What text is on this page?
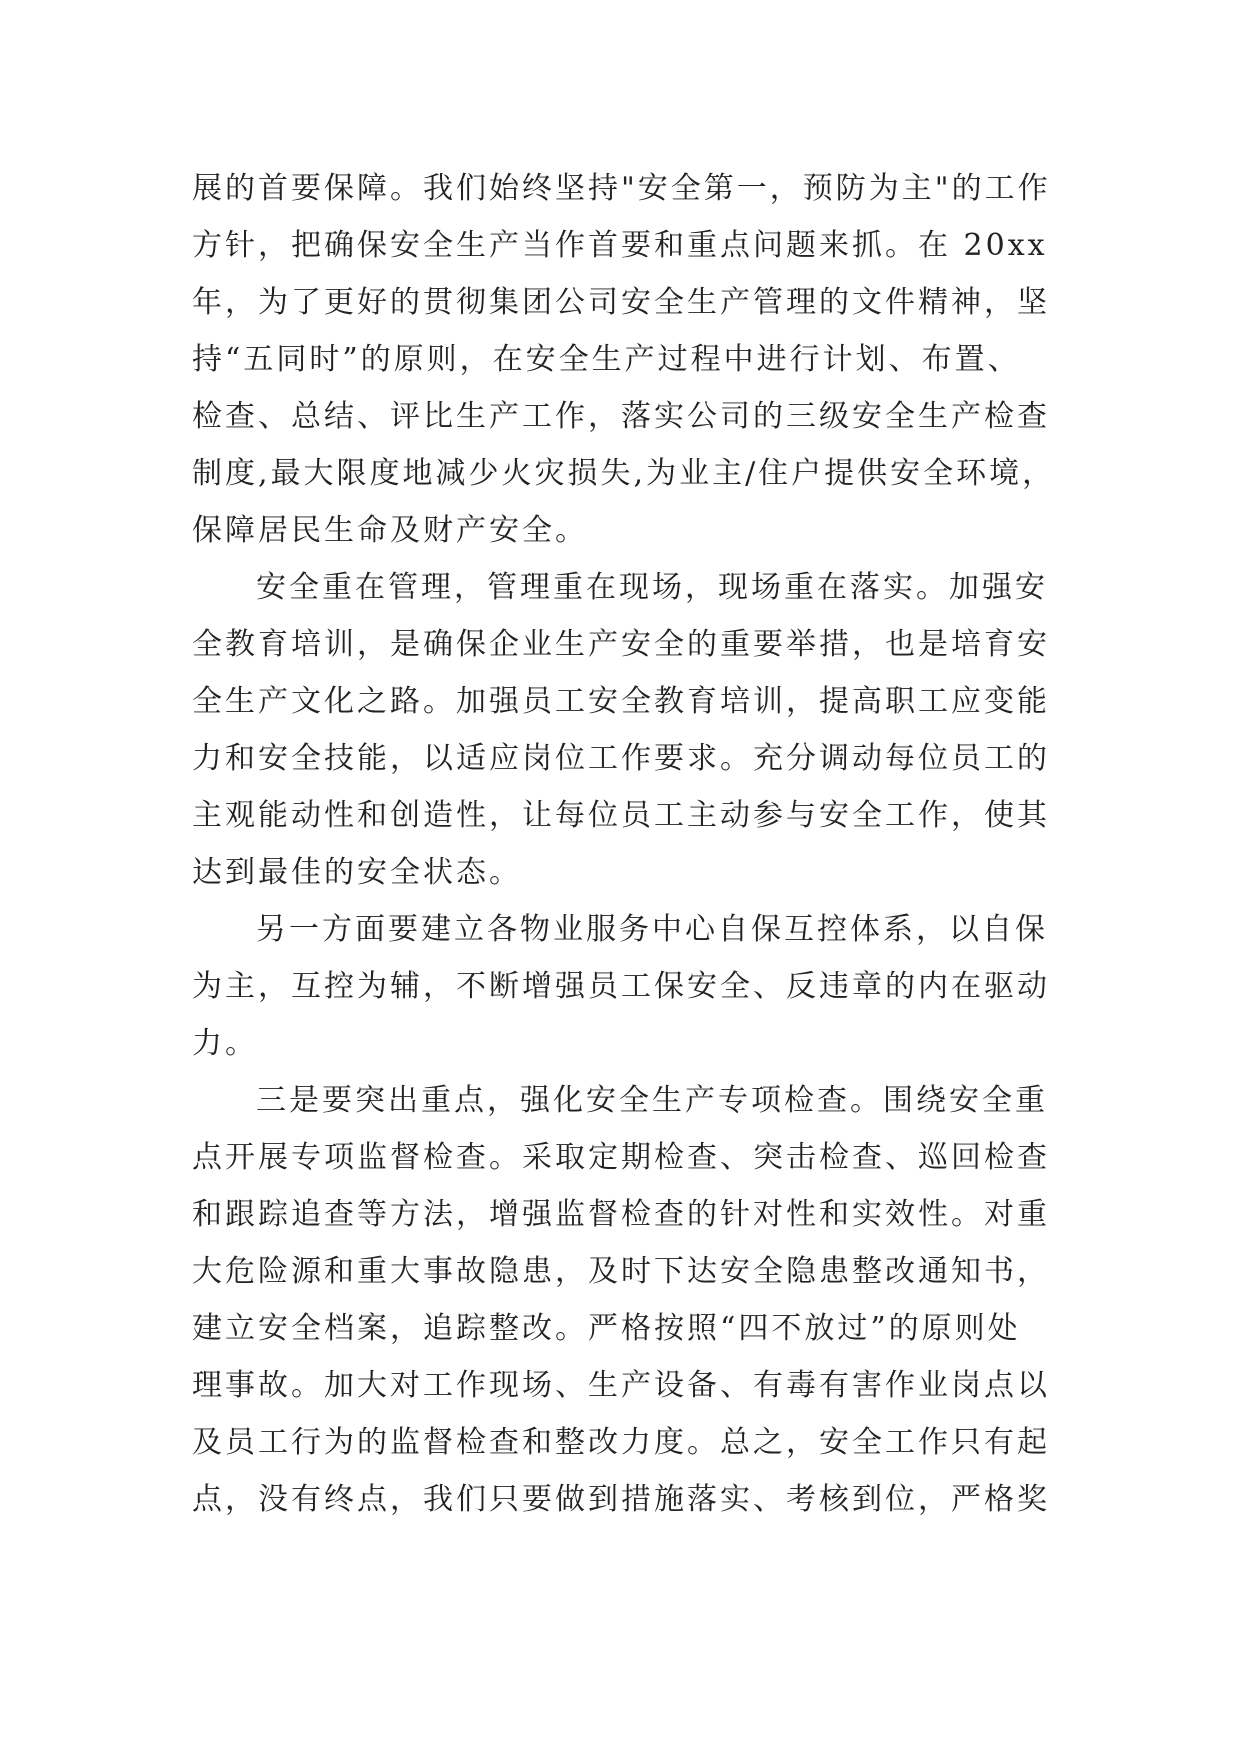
展的首要保障。我们始终坚持"安全第一，预防为主"的工作
方针，把确保安全生产当作首要和重点问题来抓。在 20xx
年，为了更好的贯彻集团公司安全生产管理的文件精神，坚
持“五同时”的原则，在安全生产过程中进行计划、布置、
检查、总结、评比生产工作，落实公司的三级安全生产检查
制度,最大限度地减少火灾损失,为业主/住户提供安全环境，
保障居民生命及财产安全。
安全重在管理，管理重在现场，现场重在落实。加强安
全教育培训，是确保企业生产安全的重要举措，也是培育安
全生产文化之路。加强员工安全教育培训，提高职工应变能
力和安全技能，以适应岗位工作要求。充分调动每位员工的
主观能动性和创造性，让每位员工主动参与安全工作，使其
达到最佳的安全状态。
另一方面要建立各物业服务中心自保互控体系，以自保
为主，互控为辅，不断增强员工保安全、反违章的内在驱动
力。
三是要突出重点，强化安全生产专项检查。围绕安全重
点开展专项监督检查。采取定期检查、突击检查、巡回检查
和跟踪追查等方法，增强监督检查的针对性和实效性。对重
大危险源和重大事故隐患，及时下达安全隐患整改通知书，
建立安全档案，追踪整改。严格按照“四不放过”的原则处
理事故。加大对工作现场、生产设备、有毒有害作业岗点以
及员工行为的监督检查和整改力度。总之，安全工作只有起
点，没有终点，我们只要做到措施落实、考核到位，严格奖
